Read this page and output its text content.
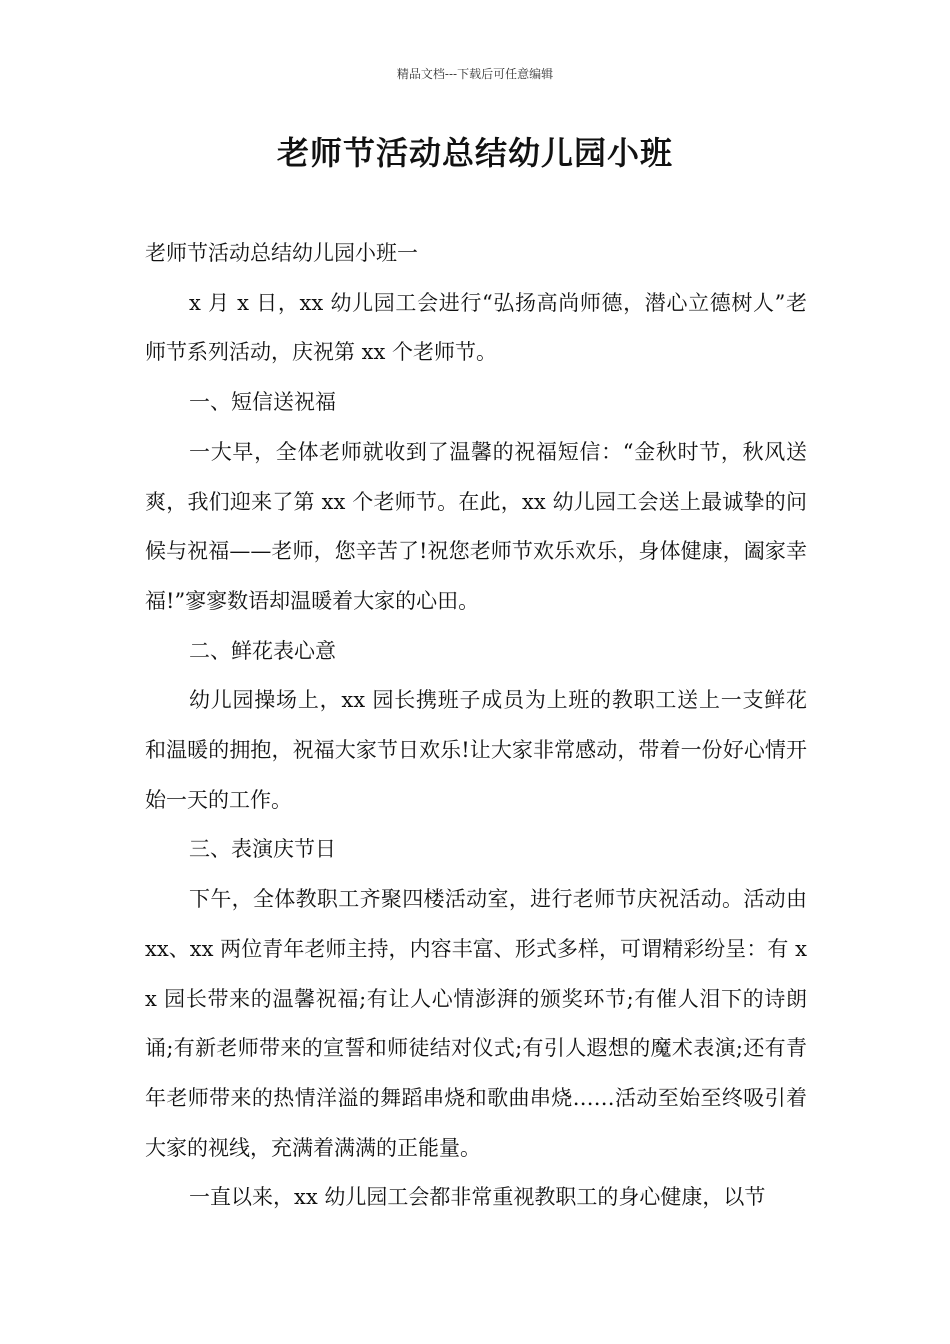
精品文档---下载后可任意编辑
老师节活动总结幼儿园小班

老师节活动总结幼儿园小班一

x 月 x 日，xx 幼儿园工会进行“弘扬高尚师德，潜心立德树人”老师节系列活动，庆祝第 xx 个老师节。

一、短信送祝福

一大早，全体老师就收到了温馨的祝福短信：“金秋时节，秋风送爽，我们迎来了第 xx 个老师节。在此，xx 幼儿园工会送上最诚挚的问候与祝福——老师，您辛苦了!祝您老师节欢乐欢乐，身体健康，阖家幸福!”寥寥数语却温暖着大家的心田。

二、鲜花表心意

幼儿园操场上，xx 园长携班子成员为上班的教职工送上一支鲜花和温暖的拥抱，祝福大家节日欢乐!让大家非常感动，带着一份好心情开始一天的工作。

三、表演庆节日

下午，全体教职工齐聚四楼活动室，进行老师节庆祝活动。活动由 xx、xx 两位青年老师主持，内容丰富、形式多样，可谓精彩纷呈：有 xx 园长带来的温馨祝福;有让人心情澎湃的颁奖环节;有催人泪下的诗朗诵;有新老师带来的宣誓和师徒结对仪式;有引人遐想的魔术表演;还有青年老师带来的热情洋溢的舞蹈串烧和歌曲串烧……活动至始至终吸引着大家的视线，充满着满满的正能量。

一直以来，xx 幼儿园工会都非常重视教职工的身心健康，以节
